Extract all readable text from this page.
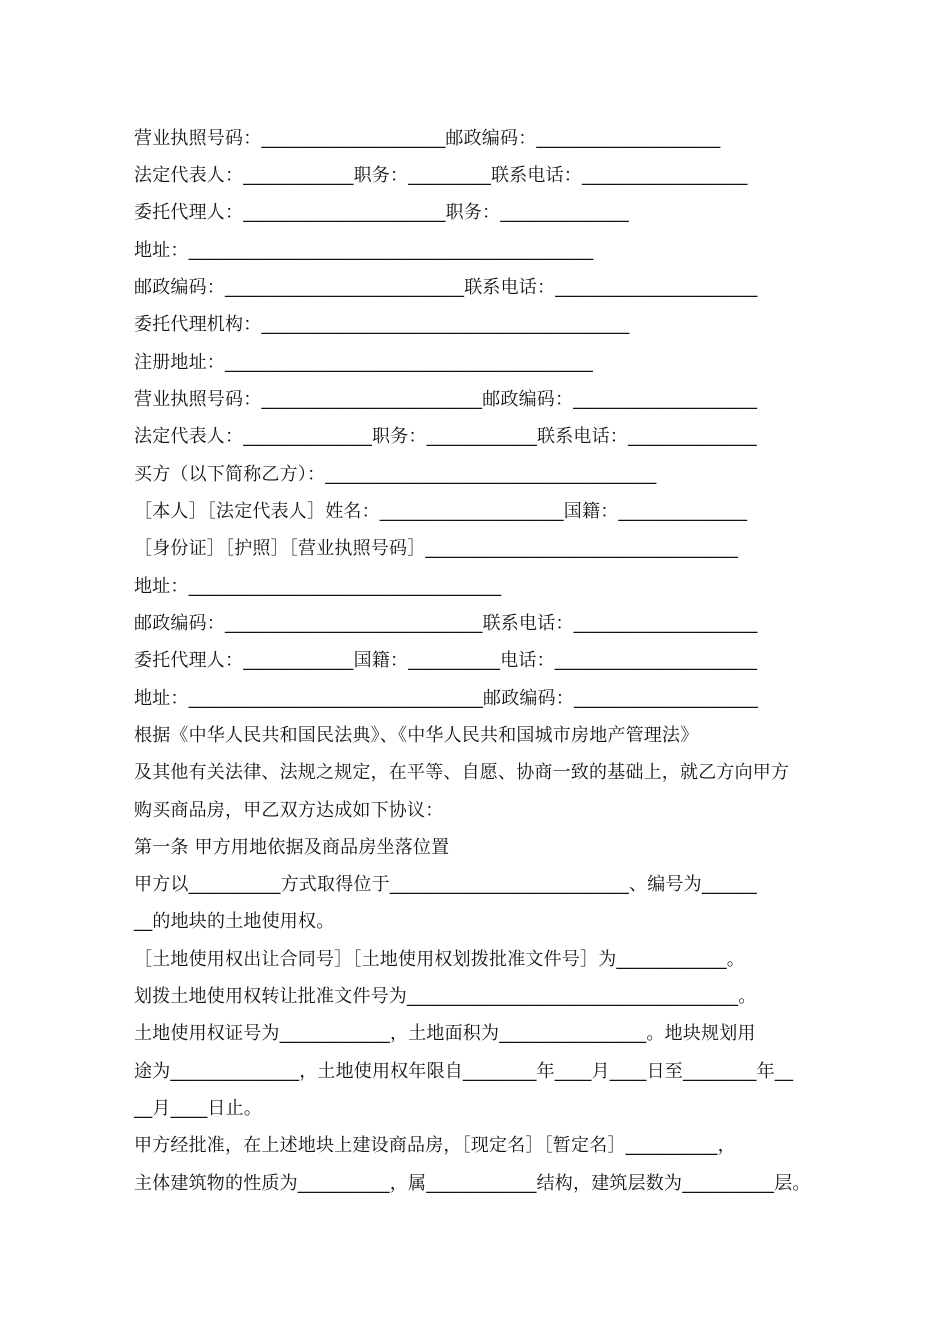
营业执照号码：____________________邮政编码：____________________
法定代表人：____________职务：_________联系电话：__________________
委托代理人：______________________职务：______________
地址：____________________________________________
邮政编码：__________________________联系电话：______________________
委托代理机构：________________________________________
注册地址：________________________________________
营业执照号码：________________________邮政编码：____________________
法定代表人：______________职务：____________联系电话：______________
买方（以下简称乙方）：____________________________________
［本人］［法定代表人］姓名：____________________国籍：______________
［身份证］［护照］［营业执照号码］__________________________________
地址：__________________________________
邮政编码：____________________________联系电话：____________________
委托代理人：____________国籍：__________电话：______________________
地址：________________________________邮政编码：____________________
根据《中华人民共和国民法典》、《中华人民共和国城市房地产管理法》
及其他有关法律、法规之规定，在平等、自愿、协商一致的基础上，就乙方向甲方
购买商品房，甲乙双方达成如下协议：
第一条 甲方用地依据及商品房坐落位置
甲方以__________方式取得位于__________________________、编号为______
__的地块的土地使用权。
［土地使用权出让合同号］［土地使用权划拨批准文件号］为____________。
划拨土地使用权转让批准文件号为____________________________________。
土地使用权证号为____________，土地面积为________________。地块规划用
途为______________，土地使用权年限自________年____月____日至________年__
__月____日止。
甲方经批准，在上述地块上建设商品房，［现定名］［暂定名］__________，
主体建筑物的性质为__________，属____________结构，建筑层数为__________层。
